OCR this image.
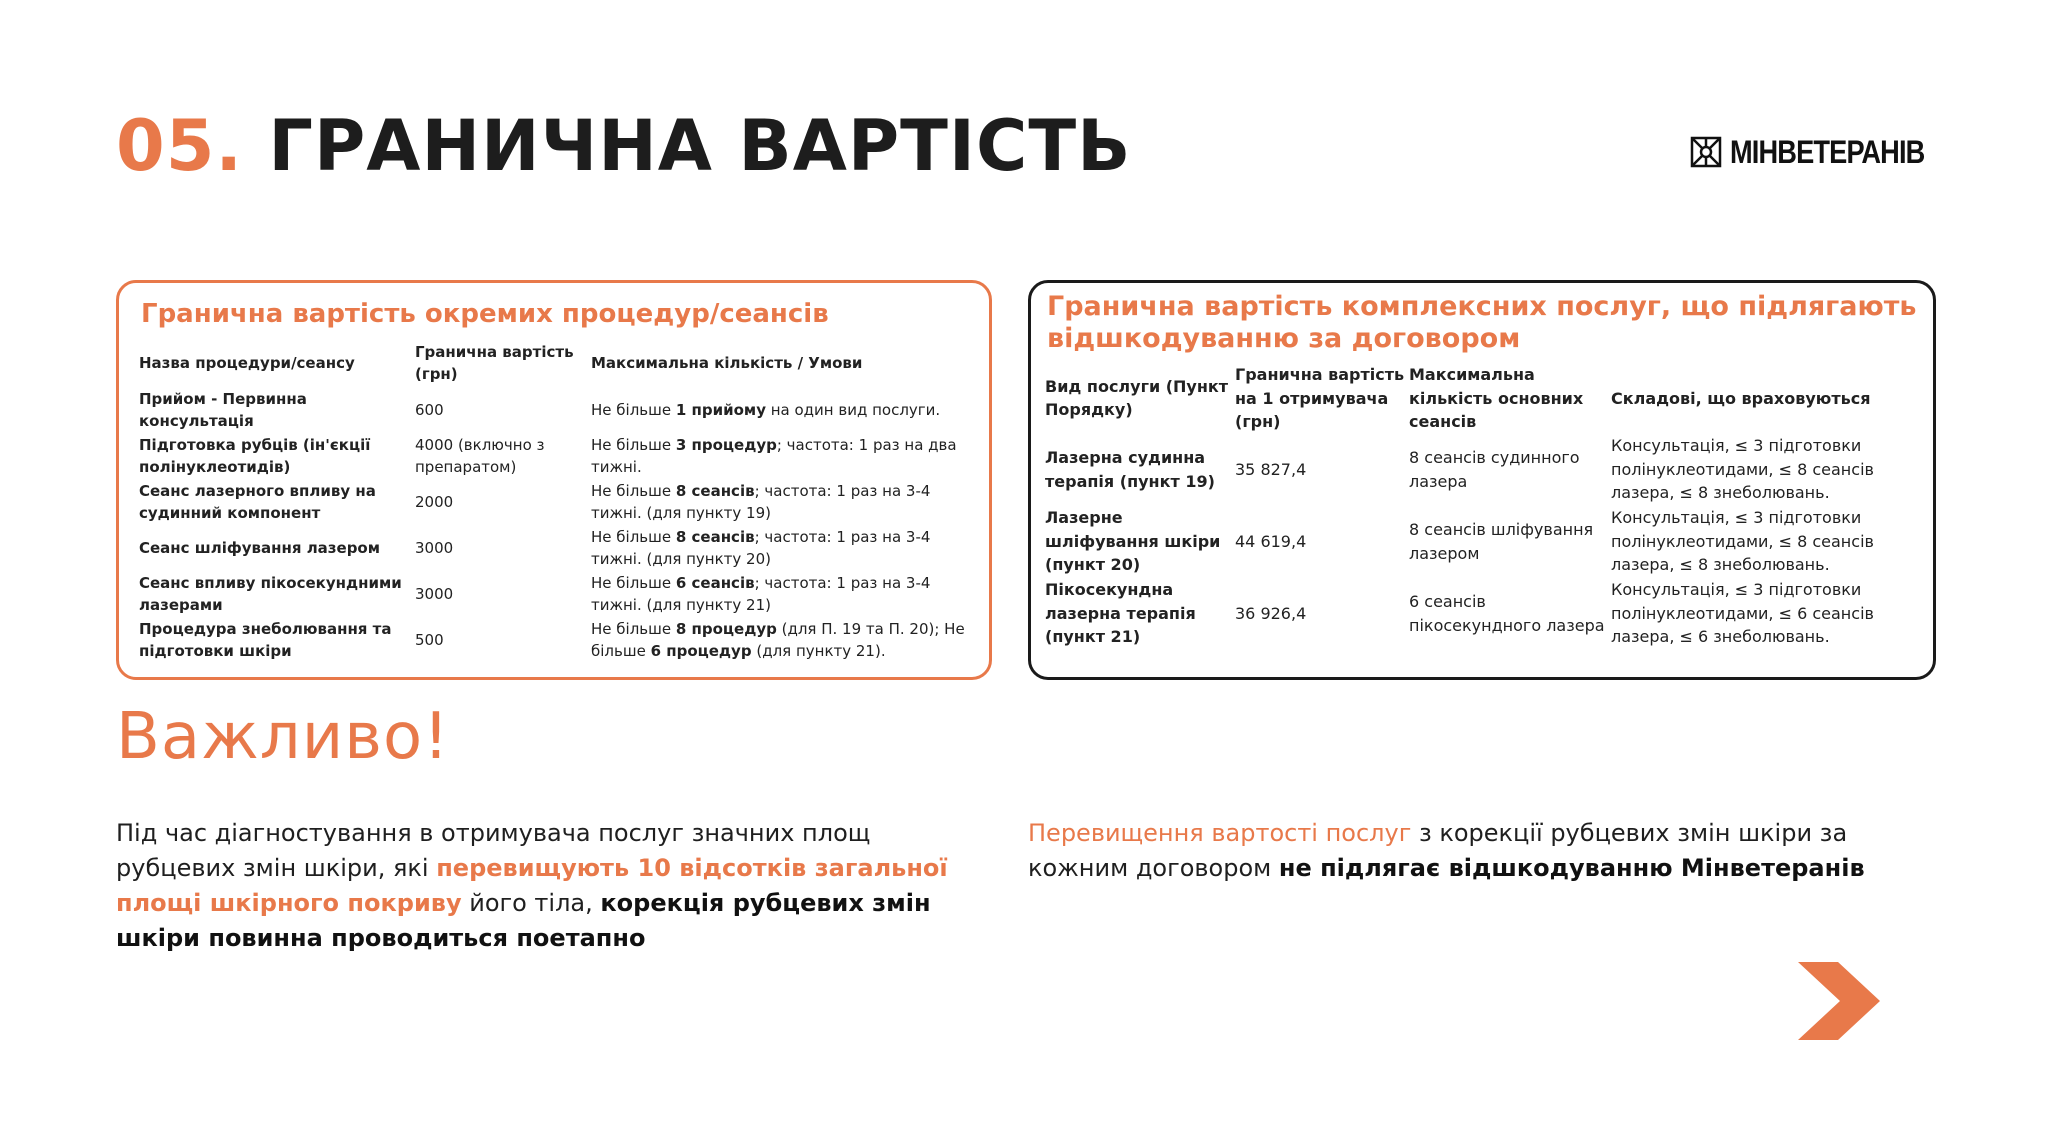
05. ГРАНИЧНА ВАРТІСТЬ	МІНВЕТЕРАНІВ
Гранична вартість окремих процедур/сеансів
Назва процедури/сеансу	Гранична вартість (грн)	Максимальна кількість / Умови
Прийом - Первинна консультація	600	Не більше 1 прийому на один вид послуги.
Підготовка рубців (ін'єкції полінуклеотидів)	4000 (включно з препаратом)	Не більше 3 процедур; частота: 1 раз на два тижні.
Сеанс лазерного впливу на судинний компонент	2000	Не більше 8 сеансів; частота: 1 раз на 3-4 тижні. (для пункту 19)
Сеанс шліфування лазером	3000	Не більше 8 сеансів; частота: 1 раз на 3-4 тижні. (для пункту 20)
Сеанс впливу пікосекундними лазерами	3000	Не більше 6 сеансів; частота: 1 раз на 3-4 тижні. (для пункту 21)
Процедура знеболювання та підготовки шкіри	500	Не більше 8 процедур (для П. 19 та П. 20); Не більше 6 процедур (для пункту 21).
Гранична вартість комплексних послуг, що підлягають відшкодуванню за договором
Вид послуги (Пункт Порядку)	Гранична вартість на 1 отримувача (грн)	Максимальна кількість основних сеансів	Складові, що враховуються
Лазерна судинна терапія (пункт 19)	35 827,4	8 сеансів судинного лазера	Консультація, ≤ 3 підготовки полінуклеотидами, ≤ 8 сеансів лазера, ≤ 8 знеболювань.
Лазерне шліфування шкіри (пункт 20)	44 619,4	8 сеансів шліфування лазером	Консультація, ≤ 3 підготовки полінуклеотидами, ≤ 8 сеансів лазера, ≤ 8 знеболювань.
Пікосекундна лазерна терапія (пункт 21)	36 926,4	6 сеансів пікосекундного лазера	Консультація, ≤ 3 підготовки полінуклеотидами, ≤ 6 сеансів лазера, ≤ 6 знеболювань.
Важливо!

Під час діагностування в отримувача послуг значних площ рубцевих змін шкіри, які перевищують 10 відсотків загальної площі шкірного покриву його тіла, корекція рубцевих змін шкіри повинна проводиться поетапно

Перевищення вартості послуг з корекції рубцевих змін шкіри за кожним договором не підлягає відшкодуванню Мінветеранів
